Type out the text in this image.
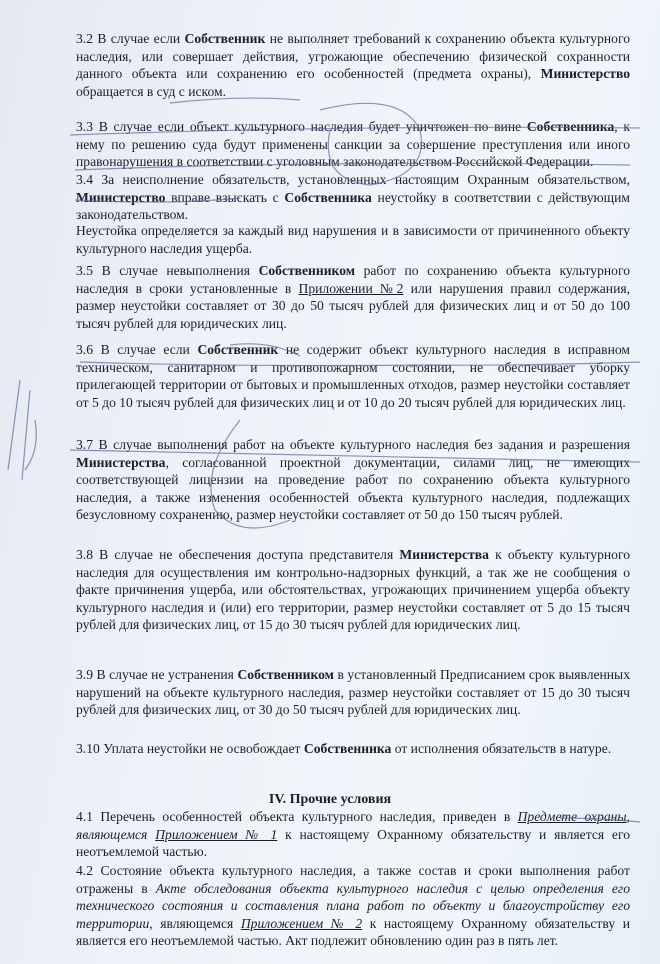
3.2 В случае если Собственник не выполняет требований к сохранению объекта культурного наследия, или совершает действия, угрожающие обеспечению физической сохранности данного объекта или сохранению его особенностей (предмета охраны), Министерство обращается в суд с иском.
3.3 В случае если объект культурного наследия будет уничтожен по вине Собственника, к нему по решению суда будут применены санкции за совершение преступления или иного правонарушения в соответствии с уголовным законодательством Российской Федерации.
3.4 За неисполнение обязательств, установленных настоящим Охранным обязательством, Министерство вправе взыскать с Собственника неустойку в соответствии с действующим законодательством.
Неустойка определяется за каждый вид нарушения и в зависимости от причиненного объекту культурного наследия ущерба.
3.5 В случае невыполнения Собственником работ по сохранению объекта культурного наследия в сроки установленные в Приложении №2 или нарушения правил содержания, размер неустойки составляет от 30 до 50 тысяч рублей для физических лиц и от 50 до 100 тысяч рублей для юридических лиц.
3.6 В случае если Собственник не содержит объект культурного наследия в исправном техническом, санитарном и противопожарном состоянии, не обеспечивает уборку прилегающей территории от бытовых и промышленных отходов, размер неустойки составляет от 5 до 10 тысяч рублей для физических лиц и от 10 до 20 тысяч рублей для юридических лиц.
3.7 В случае выполнения работ на объекте культурного наследия без задания и разрешения Министерства, согласованной проектной документации, силами лиц, не имеющих соответствующей лицензии на проведение работ по сохранению объекта культурного наследия, а также изменения особенностей объекта культурного наследия, подлежащих безусловному сохранению, размер неустойки составляет от 50 до 150 тысяч рублей.
3.8 В случае не обеспечения доступа представителя Министерства к объекту культурного наследия для осуществления им контрольно-надзорных функций, а так же не сообщения о факте причинения ущерба, или обстоятельствах, угрожающих причинением ущерба объекту культурного наследия и (или) его территории, размер неустойки составляет от 5 до 15 тысяч рублей для физических лиц, от 15 до 30 тысяч рублей для юридических лиц.
3.9 В случае не устранения Собственником в установленный Предписанием срок выявленных нарушений на объекте культурного наследия, размер неустойки составляет от 15 до 30 тысяч рублей для физических лиц, от 30 до 50 тысяч рублей для юридических лиц.
3.10 Уплата неустойки не освобождает Собственника от исполнения обязательств в натуре.
IV. Прочие условия
4.1 Перечень особенностей объекта культурного наследия, приведен в Предмете охраны, являющемся Приложением № 1 к настоящему Охранному обязательству и является его неотъемлемой частью.
4.2 Состояние объекта культурного наследия, а также состав и сроки выполнения работ отражены в Акте обследования объекта культурного наследия с целью определения его технического состояния и составления плана работ по объекту и благоустройству его территории, являющемся Приложением № 2 к настоящему Охранному обязательству и является его неотъемлемой частью. Акт подлежит обновлению один раз в пять лет.
